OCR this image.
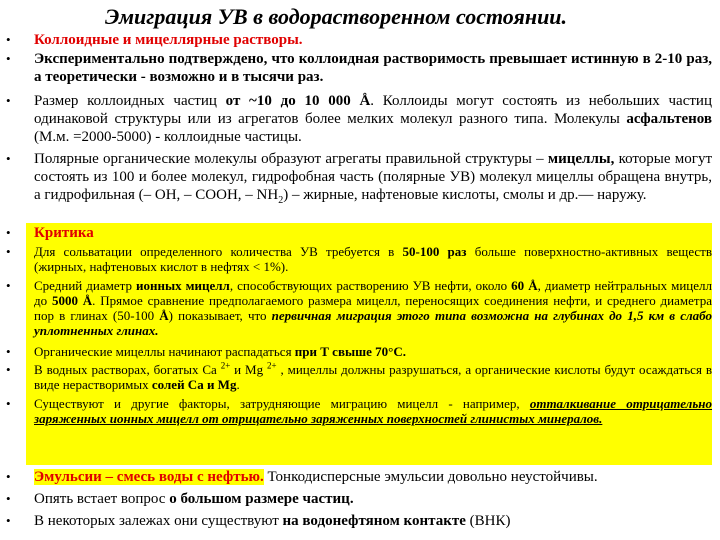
Эмиграция УВ в водорастворенном состоянии.
•	Коллоидные и мицеллярные растворы.
•	Экспериментально подтверждено, что коллоидная растворимость превышает истинную в 2-10 раз, а теоретически - возможно и в тысячи раз.
•	Размер коллоидных частиц от ~10 до 10 000 Å. Коллоиды могут состоять из небольших частиц одинаковой структуры или из агрегатов более мелких молекул разного типа. Молекулы асфальтенов (М.м. =2000-5000) - коллоидные частицы.
•	Полярные органические молекулы образуют агрегаты правильной структуры – мицеллы, которые могут состоять из 100 и более молекул, гидрофобная часть (полярные УВ) молекул мицеллы обращена внутрь, а гидрофильная (– ОН, – СООН, – $NH_2$) – жирные, нафтеновые кислоты, смолы и др.— наружу.
•	Критика
•	Для сольватации определенного количества УВ требуется в 50-100 раз больше поверхностно-активных веществ (жирных, нафтеновых кислот в нефтях < 1%).
•	Средний диаметр ионных мицелл, способствующих растворению УВ нефти, около 60 Å, диаметр нейтральных мицелл до 5000 Å. Прямое сравнение предполагаемого размера мицелл, переносящих соединения нефти, и среднего диаметра пор в глинах (50-100 Å) показывает, что первичная миграция этого типа возможна на глубинах до 1,5 км в слабо уплотненных глинах.
•	Органические мицеллы начинают распадаться при Т свыше 70°С.
•	В водных растворах, богатых Са $^{2+}$ и Mg $^{2+}$ , мицеллы должны разрушаться, а органические кислоты будут осаждаться в виде нерастворимых солей Са и Mg.
•	Существуют и другие факторы, затрудняющие миграцию мицелл - например, отталкивание отрицательно заряженных ионных мицелл от отрицательно заряженных поверхностей глинистых минералов.
•	Эмульсии – смесь воды с нефтью. Тонкодисперсные эмульсии довольно неустойчивы.
•	Опять встает вопрос о большом размере частиц.
•	В некоторых залежах они существуют на водонефтяном контакте (ВНК)
